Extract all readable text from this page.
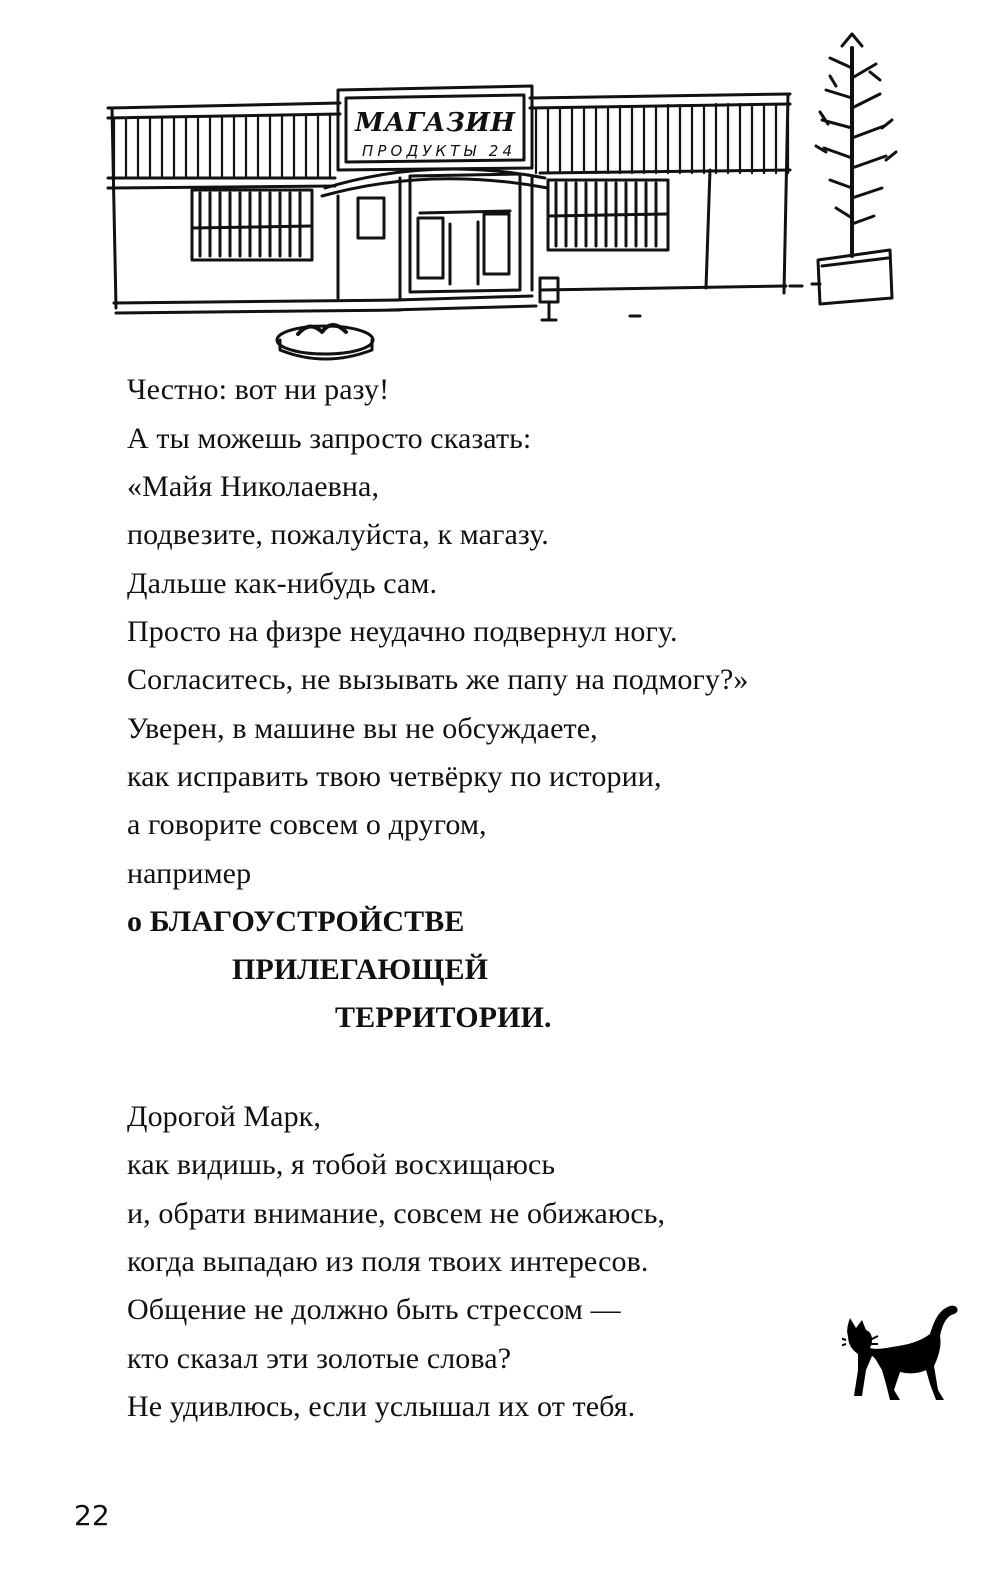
МАГАЗИН
ПРОДУКТЫ 24
Честно: вот ни разу!
А ты можешь запросто сказать:
«Майя Николаевна,
подвезите, пожалуйста, к магазу.
Дальше как-нибудь сам.
Просто на физре неудачно подвернул ногу.
Согласитесь, не вызывать же папу на подмогу?»
Уверен, в машине вы не обсуждаете,
как исправить твою четвёрку по истории,
а говорите совсем о другом,
например
о БЛАГОУСТРОЙСТВЕ
ПРИЛЕГАЮЩЕЙ
ТЕРРИТОРИИ.
Дорогой Марк,
как видишь, я тобой восхищаюсь
и, обрати внимание, совсем не обижаюсь,
когда выпадаю из поля твоих интересов.
Общение не должно быть стрессом —
кто сказал эти золотые слова?
Не удивлюсь, если услышал их от тебя.
22
